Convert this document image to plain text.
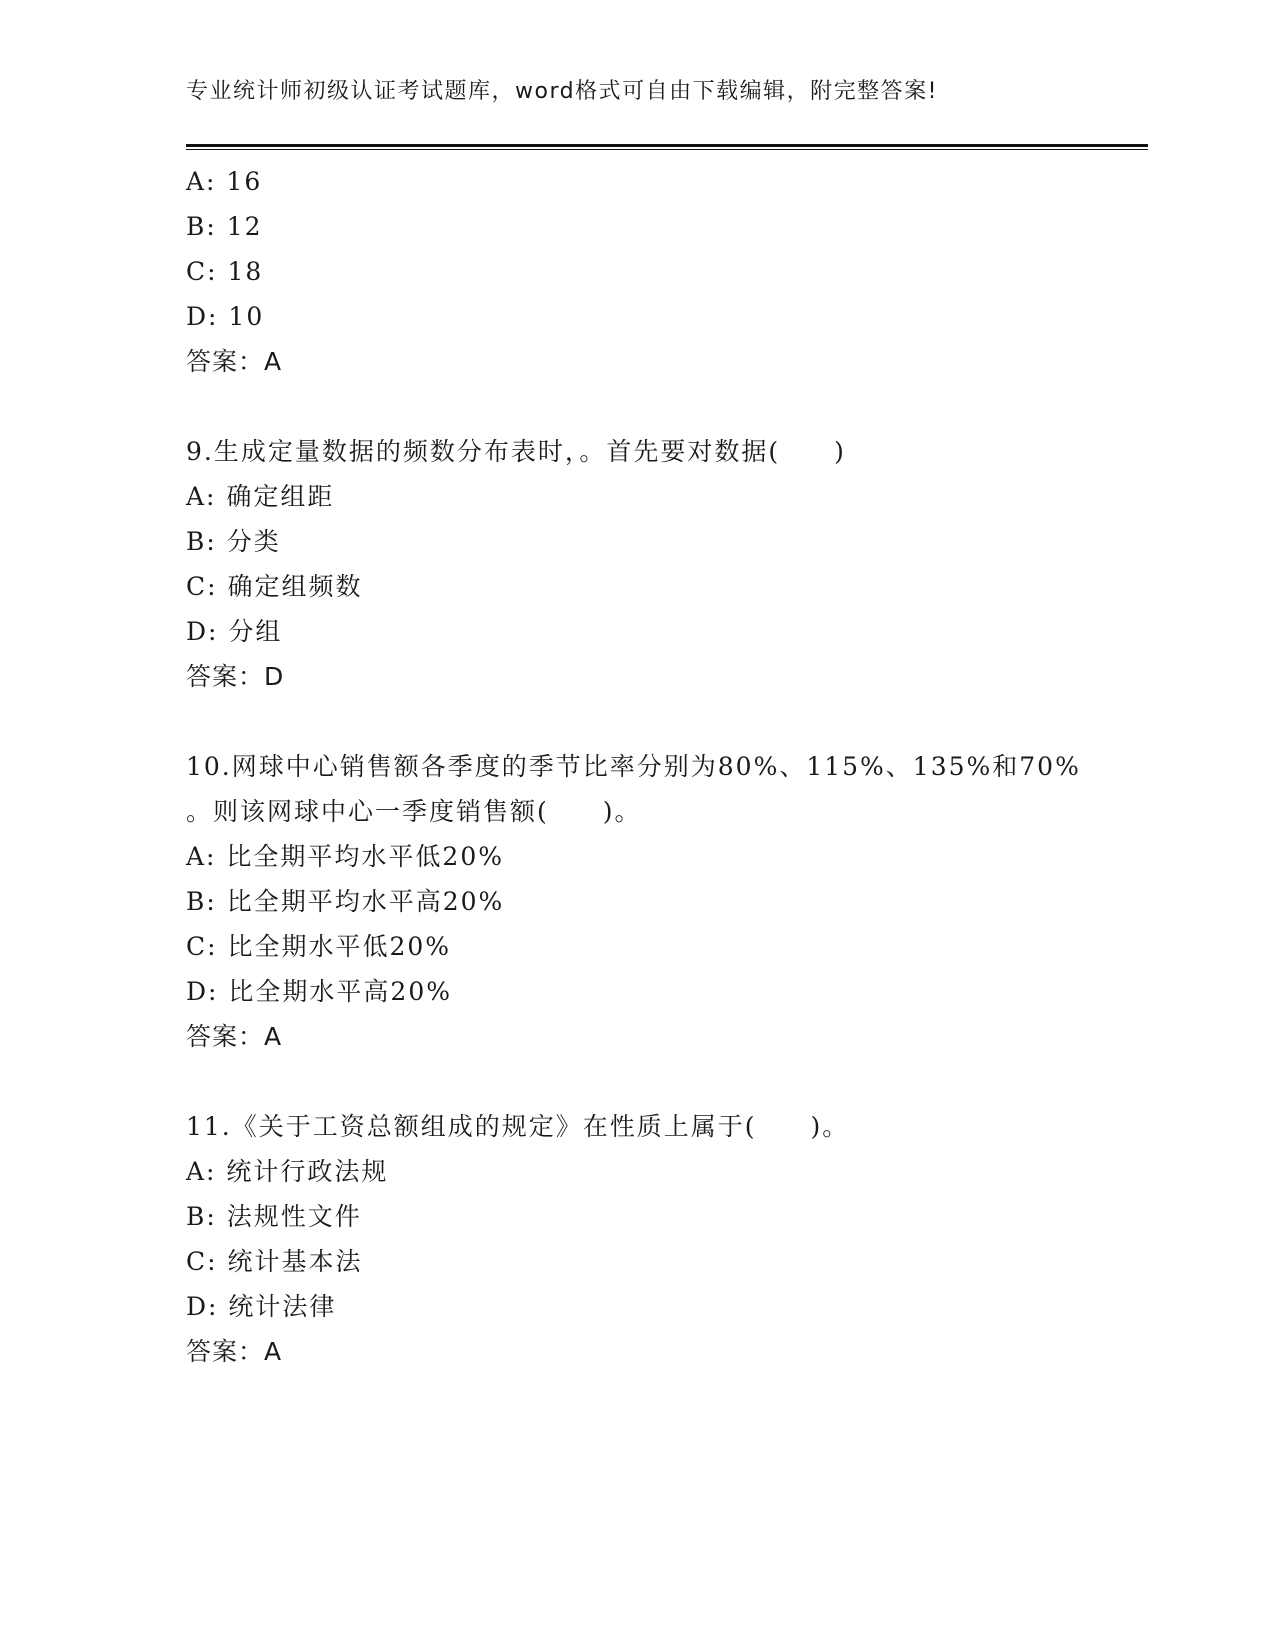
专业统计师初级认证考试题库，word格式可自由下载编辑，附完整答案!
A: 16
B: 12
C: 18
D: 10
答案：A
9.生成定量数据的频数分布表时，。首先要对数据(　　)
A: 确定组距
B: 分类
C: 确定组频数
D: 分组
答案：D
10.网球中心销售额各季度的季节比率分别为80%、115%、135%和70%
。则该网球中心一季度销售额(　　)。
A: 比全期平均水平低20%
B: 比全期平均水平高20%
C: 比全期水平低20%
D: 比全期水平高20%
答案：A
11.《关于工资总额组成的规定》在性质上属于(　　)。
A: 统计行政法规
B: 法规性文件
C: 统计基本法
D: 统计法律
答案：A
